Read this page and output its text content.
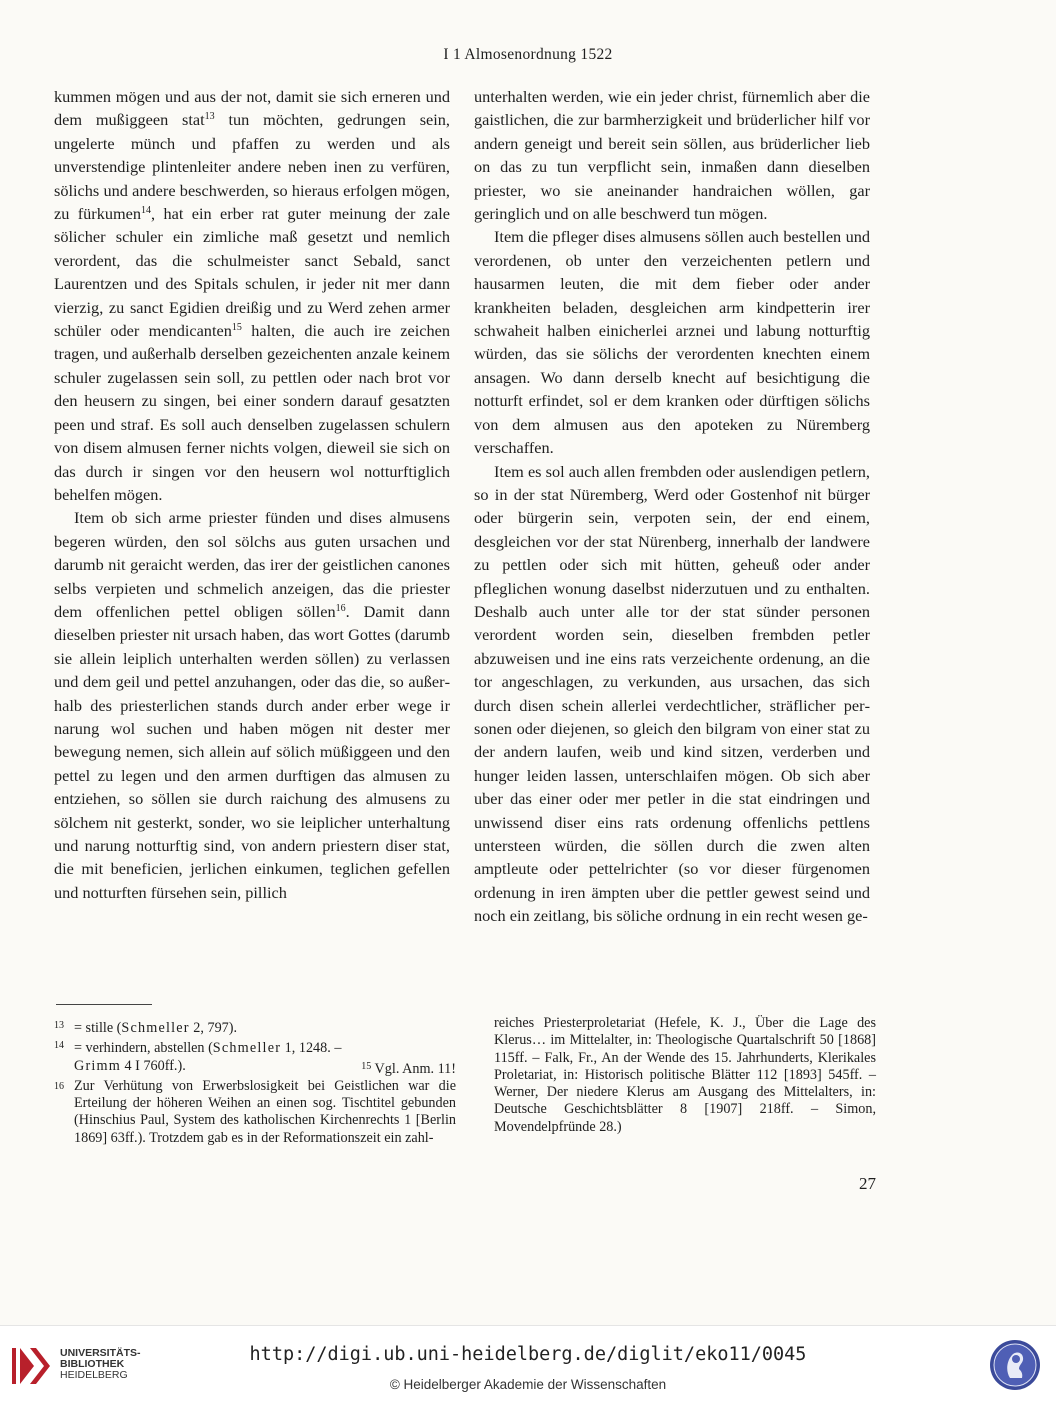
I 1 Almosenordnung 1522

kummen mögen und aus der not, damit sie sich erneren und dem mußiggeen stat$^{13}$ tun möchten, gedrungen sein, ungelerte münch und pfaffen zu werden und als unverstendige plintenleiter andere neben inen zu verfüren, sölichs und andere beschwerden, so hieraus erfolgen mögen, zu fürkumen$^{14}$, hat ein erber rat guter meinung der zale sölicher schuler ein zimliche maß gesetzt und nemlich verordent, das die schulmeister sanct Sebald, sanct Laurentzen und des Spitals schulen, ir jeder nit mer dann vierzig, zu sanct Egidien dreißig und zu Werd zehen armer schüler oder mendicanten$^{15}$ halten, die auch ire zeichen tragen, und außerhalb derselben gezeichenten anzale keinem schuler zugelassen sein soll, zu pettlen oder nach brot vor den heusern zu singen, bei einer sondern darauf gesatzten peen und straf. Es soll auch denselben zugelassen schulern von disem almusen ferner nichts volgen, dieweil sie sich on das durch ir singen vor den heusern wol notturftiglich behelfen mögen.

Item ob sich arme priester fünden und dises almusens begeren würden, den sol sölchs aus guten ursachen und darumb nit geraicht werden, das irer der geistlichen canones selbs verpieten und schmelich anzeigen, das die priester dem offenlichen pettel obligen söllen$^{16}$. Damit dann dieselben priester nit ursach haben, das wort Gottes (darumb sie allein leiplich unterhalten werden söllen) zu verlassen und dem geil und pettel anzuhangen, oder das die, so außerhalb des priesterlichen stands durch ander erber wege ir narung wol suchen und haben mögen nit dester mer bewegung nemen, sich allein auf sölich müßiggeen und den pettel zu legen und den armen durftigen das almusen zu entziehen, so söllen sie durch raichung des almusens zu sölchem nit gesterkt, sonder, wo sie leiplicher unterhaltung und narung notturftig sind, von andern priestern diser stat, die mit beneficien, jerlichen einkumen, teglichen gefellen und notturften fürsehen sein, pillich

unterhalten werden, wie ein jeder christ, fürnemlich aber die gaistlichen, die zur barmherzigkeit und brüderlicher hilf vor andern geneigt und bereit sein söllen, aus brüderlicher lieb on das zu tun verpflicht sein, inmaßen dann dieselben priester, wo sie aneinander handraichen wöllen, gar geringlich und on alle beschwerd tun mögen.

Item die pfleger dises almusens söllen auch bestellen und verordenen, ob unter den verzeichenten petlern und hausarmen leuten, die mit dem fieber oder ander krankheiten beladen, desgleichen arm kindpetterin irer schwaheit halben einicherlei arznei und labung notturftig würden, das sie sölichs der verordenten knechten einem ansagen. Wo dann derselb knecht auf besichtigung die notturft erfindet, sol er dem kranken oder dürftigen sölichs von dem almusen aus den apoteken zu Nüremberg verschaffen.

Item es sol auch allen frembden oder auslendigen petlern, so in der stat Nüremberg, Werd oder Gostenhof nit bürger oder bürgerin sein, verpoten sein, der end einem, desgleichen vor der stat Nürenberg, innerhalb der landwere zu pettlen oder sich mit hütten, geheuß oder ander pfleglichen wonung daselbst niderzutuen und zu enthalten. Deshalb auch unter alle tor der stat sünder personen verordent worden sein, dieselben frembden petler abzuweisen und ine eins rats verzeichente ordenung, an die tor angeschlagen, zu verkunden, aus ursachen, das sich durch disen schein allerlei verdechtlicher, sträflicher personen oder diejenen, so gleich den bilgram von einer stat zu der andern laufen, weib und kind sitzen, verderben und hunger leiden lassen, unterschlaifen mögen. Ob sich aber uber das einer oder mer petler in die stat eindringen und unwissend diser eins rats ordenung offenlichs pettlens untersteen würden, die söllen durch die zwen alten amptleute oder pettelrichter (so vor dieser fürgenomen ordenung in iren ämpten uber die pettler gewest seind und noch ein zeitlang, bis söliche ordnung in ein recht wesen ge-

13 = stille (Schmeller 2, 797).
14 = verhindern, abstellen (Schmeller 1, 1248. –
Grimm 4 I 760ff.).	$^{15}$ Vgl. Anm. 11!
16 Zur Verhütung von Erwerbslosigkeit bei Geistlichen war die Erteilung der höheren Weihen an einen sog. Tischtitel gebunden (Hinschius Paul, System des katholischen Kirchenrechts 1 [Berlin 1869] 63ff.). Trotzdem gab es in der Reformationszeit ein zahl-
reiches Priesterproletariat (Hefele, K. J., Über die Lage des Klerus… im Mittelalter, in: Theologische Quartalschrift 50 [1868] 115ff. – Falk, Fr., An der Wende des 15. Jahrhunderts, Klerikales Proletariat, in: Historisch politische Blätter 112 [1893] 545ff. – Werner, Der niedere Klerus am Ausgang des Mittelalters, in: Deutsche Geschichtsblätter 8 [1907] 218ff. – Simon, Movendelpfründe 28.)
27
UNIVERSITÄTS-
BIBLIOTHEK
HEIDELBERG
http://digi.ub.uni-heidelberg.de/diglit/eko11/0045
© Heidelberger Akademie der Wissenschaften
